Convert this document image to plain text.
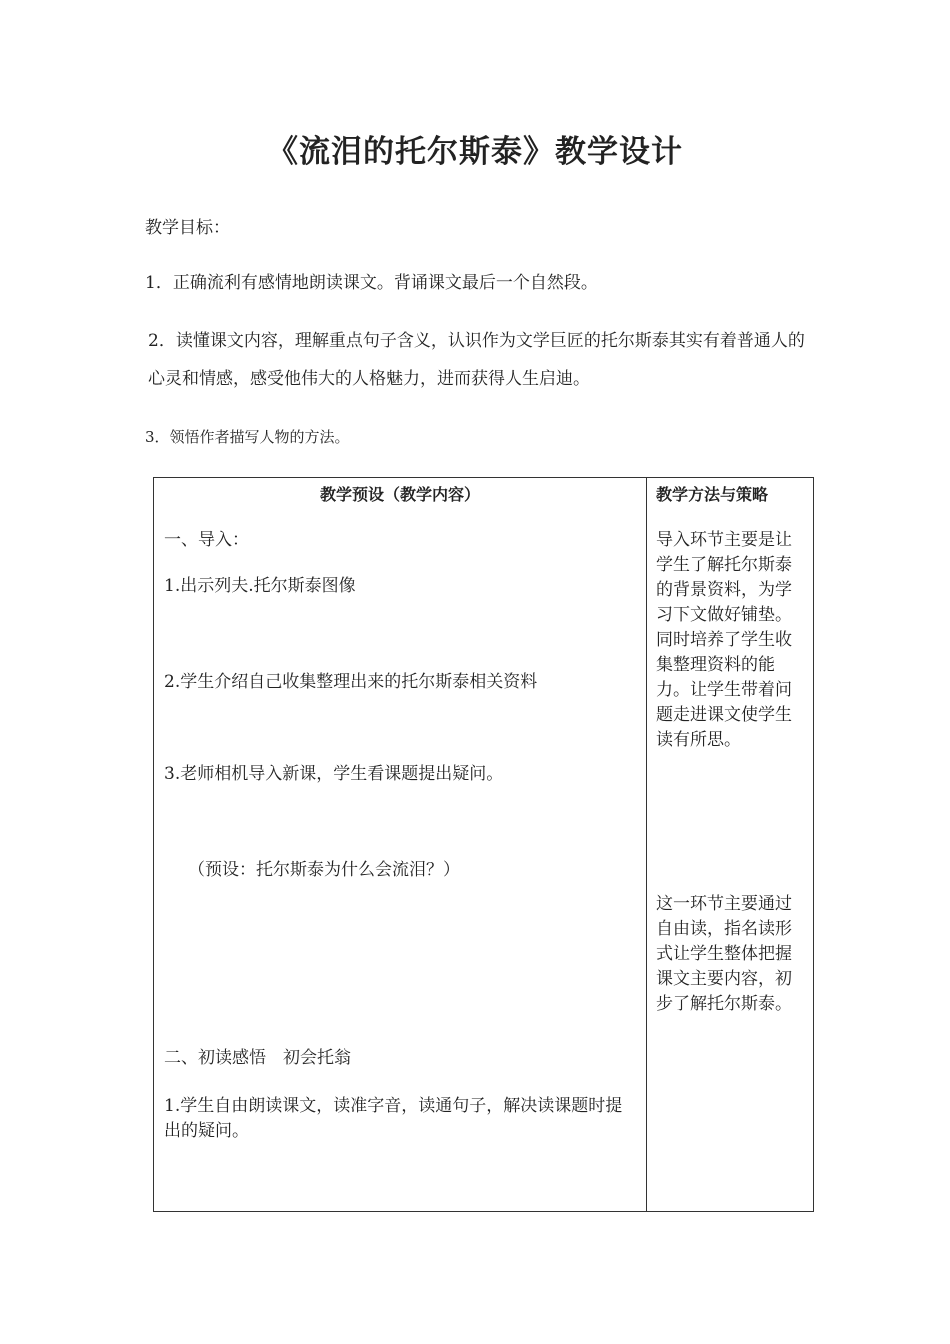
《流泪的托尔斯泰》教学设计
教学目标：
1．正确流利有感情地朗读课文。背诵课文最后一个自然段。
2．读懂课文内容，理解重点句子含义，认识作为文学巨匠的托尔斯泰其实有着普通人的心灵和情感，感受他伟大的人格魅力，进而获得人生启迪。
3．领悟作者描写人物的方法。
教学预设（教学内容）	教学方法与策略
一、导入：
1.出示列夫.托尔斯泰图像
2.学生介绍自己收集整理出来的托尔斯泰相关资料
3.老师相机导入新课，学生看课题提出疑问。
（预设：托尔斯泰为什么会流泪？）
二、初读感悟　初会托翁
1.学生自由朗读课文，读准字音，读通句子，解决读课题时提出的疑问。
导入环节主要是让学生了解托尔斯泰的背景资料，为学习下文做好铺垫。同时培养了学生收集整理资料的能力。让学生带着问题走进课文使学生读有所思。
这一环节主要通过自由读，指名读形式让学生整体把握课文主要内容，初步了解托尔斯泰。
